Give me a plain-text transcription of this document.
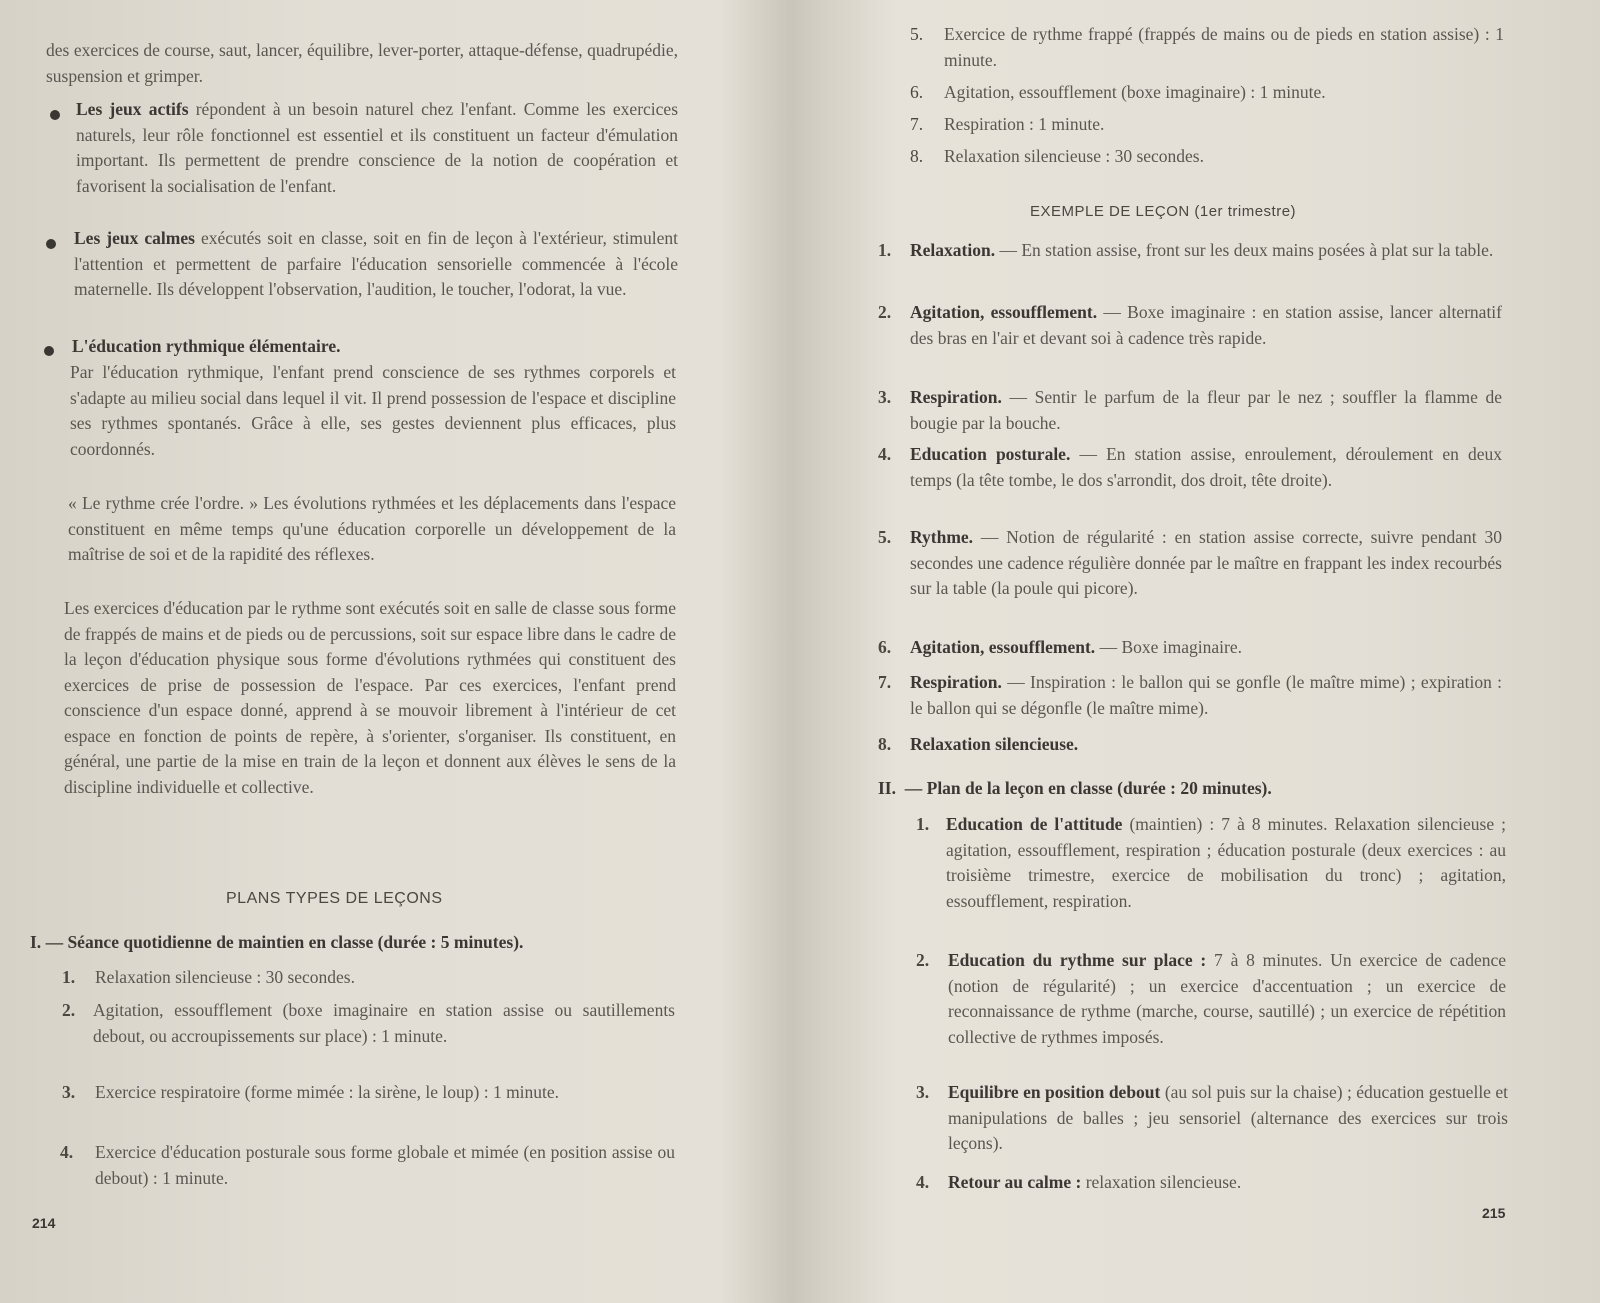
des exercices de course, saut, lancer, équilibre, lever-porter, attaque-défense, quadrupédie, suspension et grimper.
Les jeux actifs répondent à un besoin naturel chez l'enfant. Comme les exercices naturels, leur rôle fonctionnel est essentiel et ils constituent un facteur d'émulation important. Ils permettent de prendre conscience de la notion de coopération et favorisent la socialisation de l'enfant.
Les jeux calmes exécutés soit en classe, soit en fin de leçon à l'extérieur, stimulent l'attention et permettent de parfaire l'éducation sensorielle commencée à l'école maternelle. Ils développent l'observation, l'audition, le toucher, l'odorat, la vue.
L'éducation rythmique élémentaire.
Par l'éducation rythmique, l'enfant prend conscience de ses rythmes corporels et s'adapte au milieu social dans lequel il vit. Il prend possession de l'espace et discipline ses rythmes spontanés. Grâce à elle, ses gestes deviennent plus efficaces, plus coordonnés.
« Le rythme crée l'ordre. » Les évolutions rythmées et les déplacements dans l'espace constituent en même temps qu'une éducation corporelle un développement de la maîtrise de soi et de la rapidité des réflexes.
Les exercices d'éducation par le rythme sont exécutés soit en salle de classe sous forme de frappés de mains et de pieds ou de percussions, soit sur espace libre dans le cadre de la leçon d'éducation physique sous forme d'évolutions rythmées qui constituent des exercices de prise de possession de l'espace. Par ces exercices, l'enfant prend conscience d'un espace donné, apprend à se mouvoir librement à l'intérieur de cet espace en fonction de points de repère, à s'orienter, s'organiser. Ils constituent, en général, une partie de la mise en train de la leçon et donnent aux élèves le sens de la discipline individuelle et collective.
PLANS TYPES DE LEÇONS
I. — Séance quotidienne de maintien en classe (durée : 5 minutes).
1. Relaxation silencieuse : 30 secondes.
2. Agitation, essoufflement (boxe imaginaire en station assise ou sautillements debout, ou accroupissements sur place) : 1 minute.
3. Exercice respiratoire (forme mimée : la sirène, le loup) : 1 minute.
4. Exercice d'éducation posturale sous forme globale et mimée (en position assise ou debout) : 1 minute.
214
5. Exercice de rythme frappé (frappés de mains ou de pieds en station assise) : 1 minute.
6. Agitation, essoufflement (boxe imaginaire) : 1 minute.
7. Respiration : 1 minute.
8. Relaxation silencieuse : 30 secondes.
EXEMPLE DE LEÇON (1er trimestre)
1. Relaxation. — En station assise, front sur les deux mains posées à plat sur la table.
2. Agitation, essoufflement. — Boxe imaginaire : en station assise, lancer alternatif des bras en l'air et devant soi à cadence très rapide.
3. Respiration. — Sentir le parfum de la fleur par le nez ; souffler la flamme de bougie par la bouche.
4. Education posturale. — En station assise, enroulement, déroulement en deux temps (la tête tombe, le dos s'arrondit, dos droit, tête droite).
5. Rythme. — Notion de régularité : en station assise correcte, suivre pendant 30 secondes une cadence régulière donnée par le maître en frappant les index recourbés sur la table (la poule qui picore).
6. Agitation, essoufflement. — Boxe imaginaire.
7. Respiration. — Inspiration : le ballon qui se gonfle (le maître mime) ; expiration : le ballon qui se dégonfle (le maître mime).
8. Relaxation silencieuse.
II. — Plan de la leçon en classe (durée : 20 minutes).
1. Education de l'attitude (maintien) : 7 à 8 minutes. Relaxation silencieuse ; agitation, essoufflement, respiration ; éducation posturale (deux exercices : au troisième trimestre, exercice de mobilisation du tronc) ; agitation, essoufflement, respiration.
2. Education du rythme sur place : 7 à 8 minutes. Un exercice de cadence (notion de régularité) ; un exercice d'accentuation ; un exercice de reconnaissance de rythme (marche, course, sautillé) ; un exercice de répétition collective de rythmes imposés.
3. Equilibre en position debout (au sol puis sur la chaise) ; éducation gestuelle et manipulations de balles ; jeu sensoriel (alternance des exercices sur trois leçons).
4. Retour au calme : relaxation silencieuse.
215
